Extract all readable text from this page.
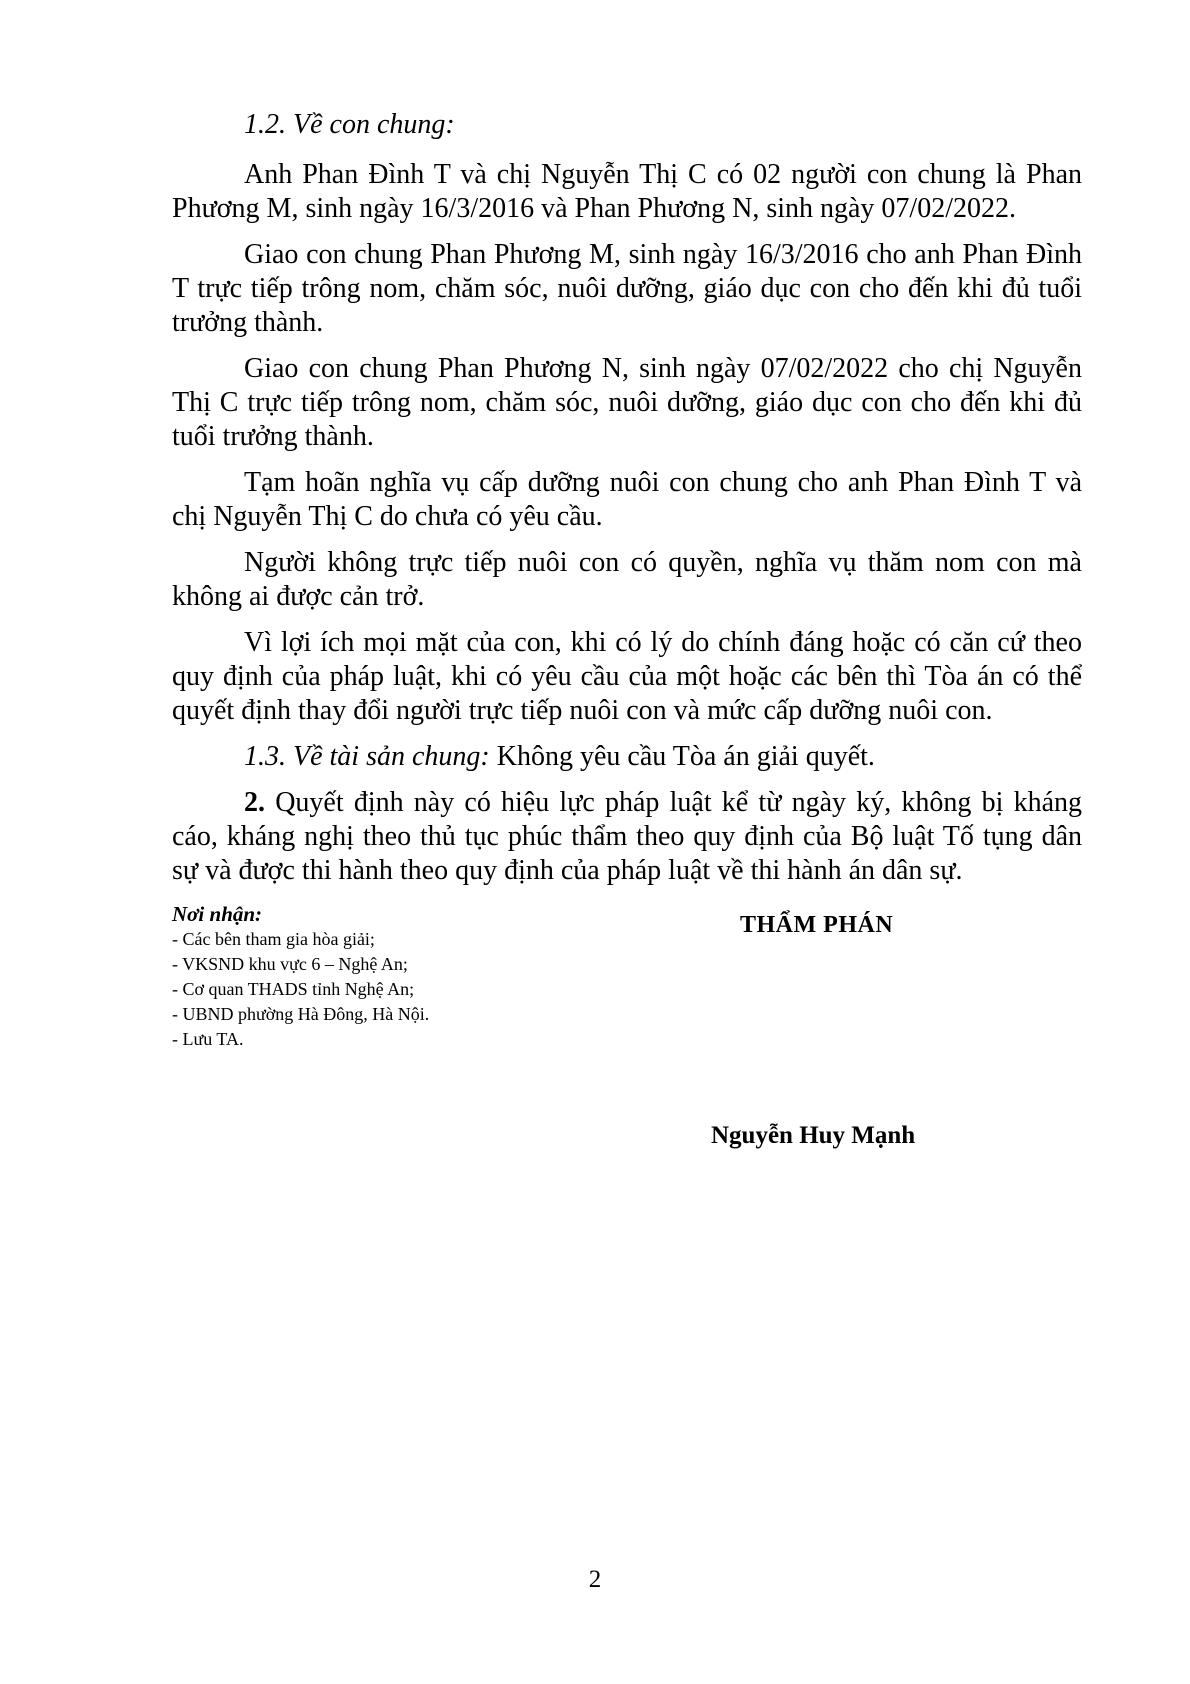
1.2. Về con chung:

Anh Phan Đình T và chị Nguyễn Thị C có 02 người con chung là Phan Phương M, sinh ngày 16/3/2016 và Phan Phương N, sinh ngày 07/02/2022.

Giao con chung Phan Phương M, sinh ngày 16/3/2016 cho anh Phan Đình T trực tiếp trông nom, chăm sóc, nuôi dưỡng, giáo dục con cho đến khi đủ tuổi trưởng thành.

Giao con chung Phan Phương N, sinh ngày 07/02/2022 cho chị Nguyễn Thị C trực tiếp trông nom, chăm sóc, nuôi dưỡng, giáo dục con cho đến khi đủ tuổi trưởng thành.

Tạm hoãn nghĩa vụ cấp dưỡng nuôi con chung cho anh Phan Đình T và chị Nguyễn Thị C do chưa có yêu cầu.

Người không trực tiếp nuôi con có quyền, nghĩa vụ thăm nom con mà không ai được cản trở.

Vì lợi ích mọi mặt của con, khi có lý do chính đáng hoặc có căn cứ theo quy định của pháp luật, khi có yêu cầu của một hoặc các bên thì Tòa án có thể quyết định thay đổi người trực tiếp nuôi con và mức cấp dưỡng nuôi con.

1.3. Về tài sản chung: Không yêu cầu Tòa án giải quyết.

2. Quyết định này có hiệu lực pháp luật kể từ ngày ký, không bị kháng cáo, kháng nghị theo thủ tục phúc thẩm theo quy định của Bộ luật Tố tụng dân sự và được thi hành theo quy định của pháp luật về thi hành án dân sự.

Nơi nhận:
- Các bên tham gia hòa giải;
- VKSND khu vực 6 – Nghệ An;
- Cơ quan THADS tỉnh Nghệ An;
- UBND phường Hà Đông, Hà Nội.
- Lưu TA.
THẨM PHÁN
Nguyễn Huy Mạnh
2
